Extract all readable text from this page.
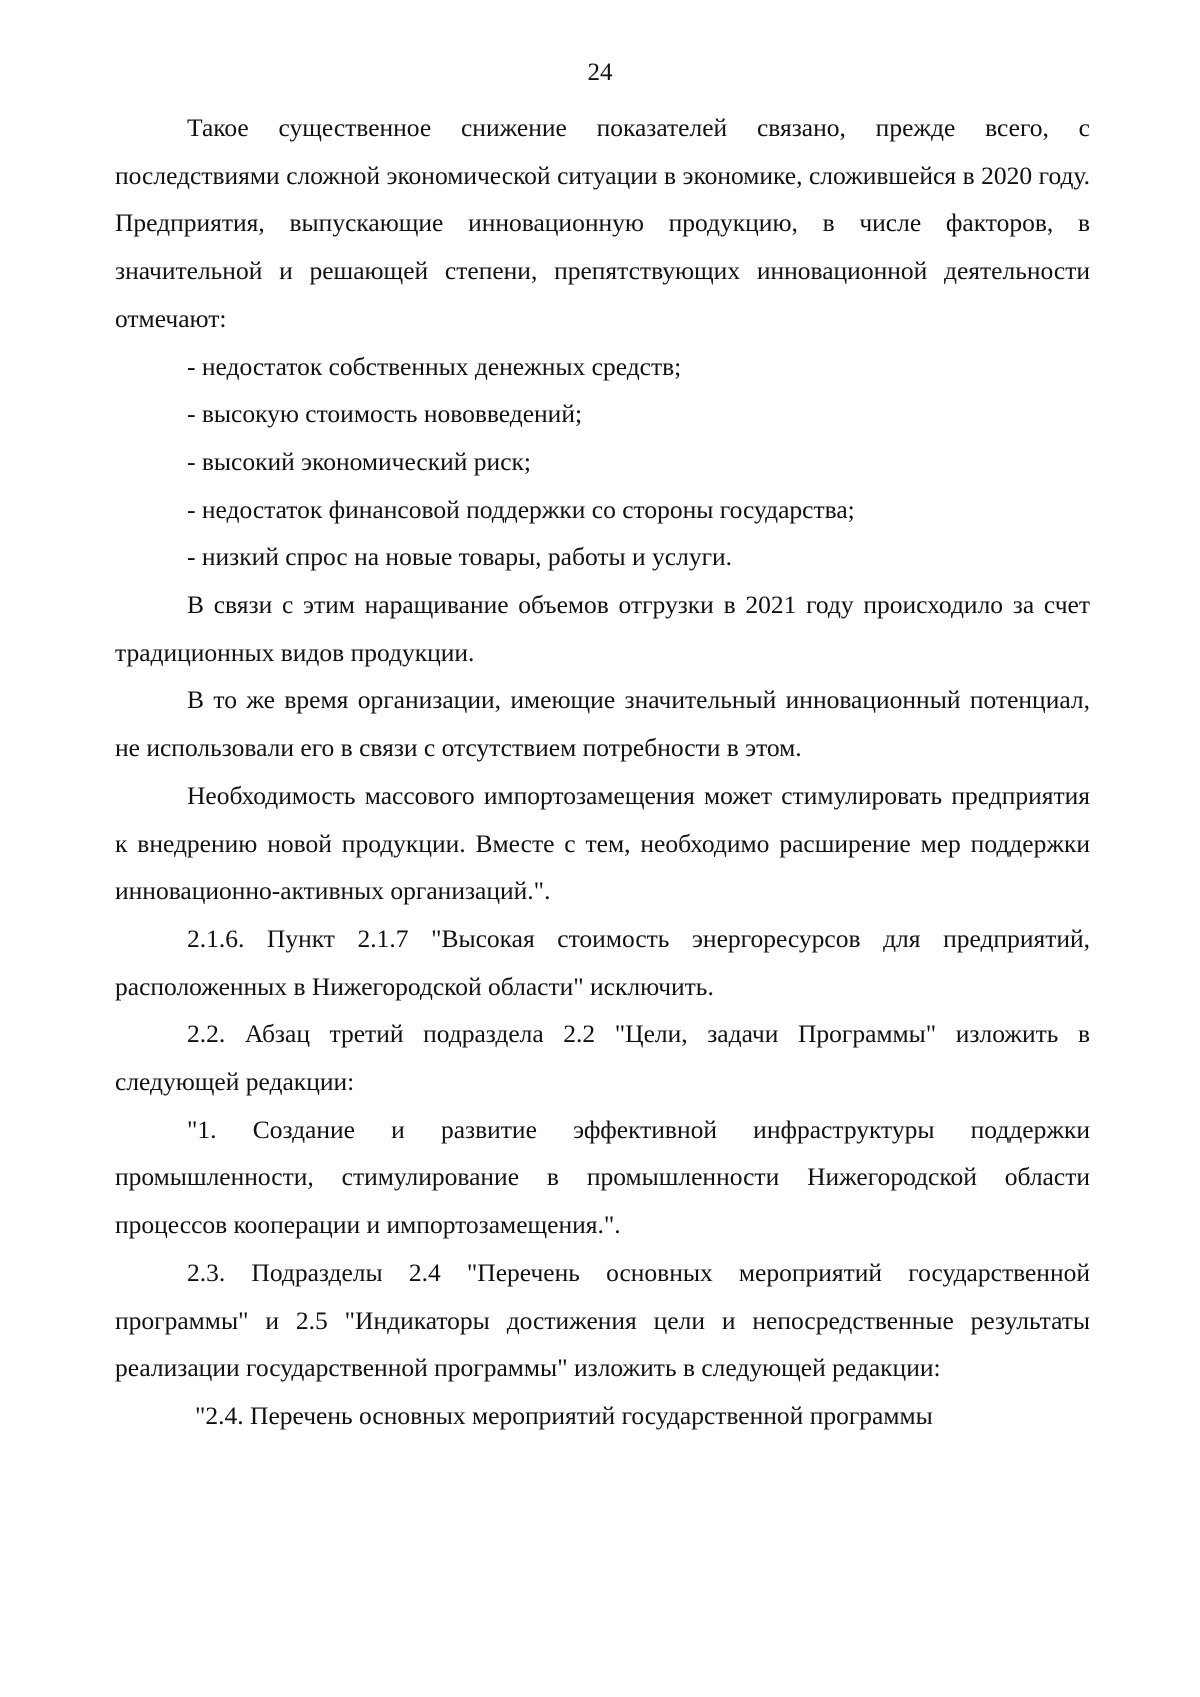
24

Такое существенное снижение показателей связано, прежде всего, с последствиями сложной экономической ситуации в экономике, сложившейся в 2020 году. Предприятия, выпускающие инновационную продукцию, в числе факторов, в значительной и решающей степени, препятствующих инновационной деятельности отмечают:

- недостаток собственных денежных средств;

- высокую стоимость нововведений;

- высокий экономический риск;

- недостаток финансовой поддержки со стороны государства;

- низкий спрос на новые товары, работы и услуги.

В связи с этим наращивание объемов отгрузки в 2021 году происходило за счет традиционных видов продукции.

В то же время организации, имеющие значительный инновационный потенциал, не использовали его в связи с отсутствием потребности в этом.

Необходимость массового импортозамещения может стимулировать предприятия к внедрению новой продукции. Вместе с тем, необходимо расширение мер поддержки инновационно-активных организаций.".

2.1.6. Пункт 2.1.7 "Высокая стоимость энергоресурсов для предприятий, расположенных в Нижегородской области" исключить.

2.2. Абзац третий подраздела 2.2 "Цели, задачи Программы" изложить в следующей редакции:

"1. Создание и развитие эффективной инфраструктуры поддержки промышленности, стимулирование в промышленности Нижегородской области процессов кооперации и импортозамещения.".

2.3. Подразделы 2.4 "Перечень основных мероприятий государственной программы" и 2.5 "Индикаторы достижения цели и непосредственные результаты реализации государственной программы" изложить в следующей редакции:

"2.4. Перечень основных мероприятий государственной программы
